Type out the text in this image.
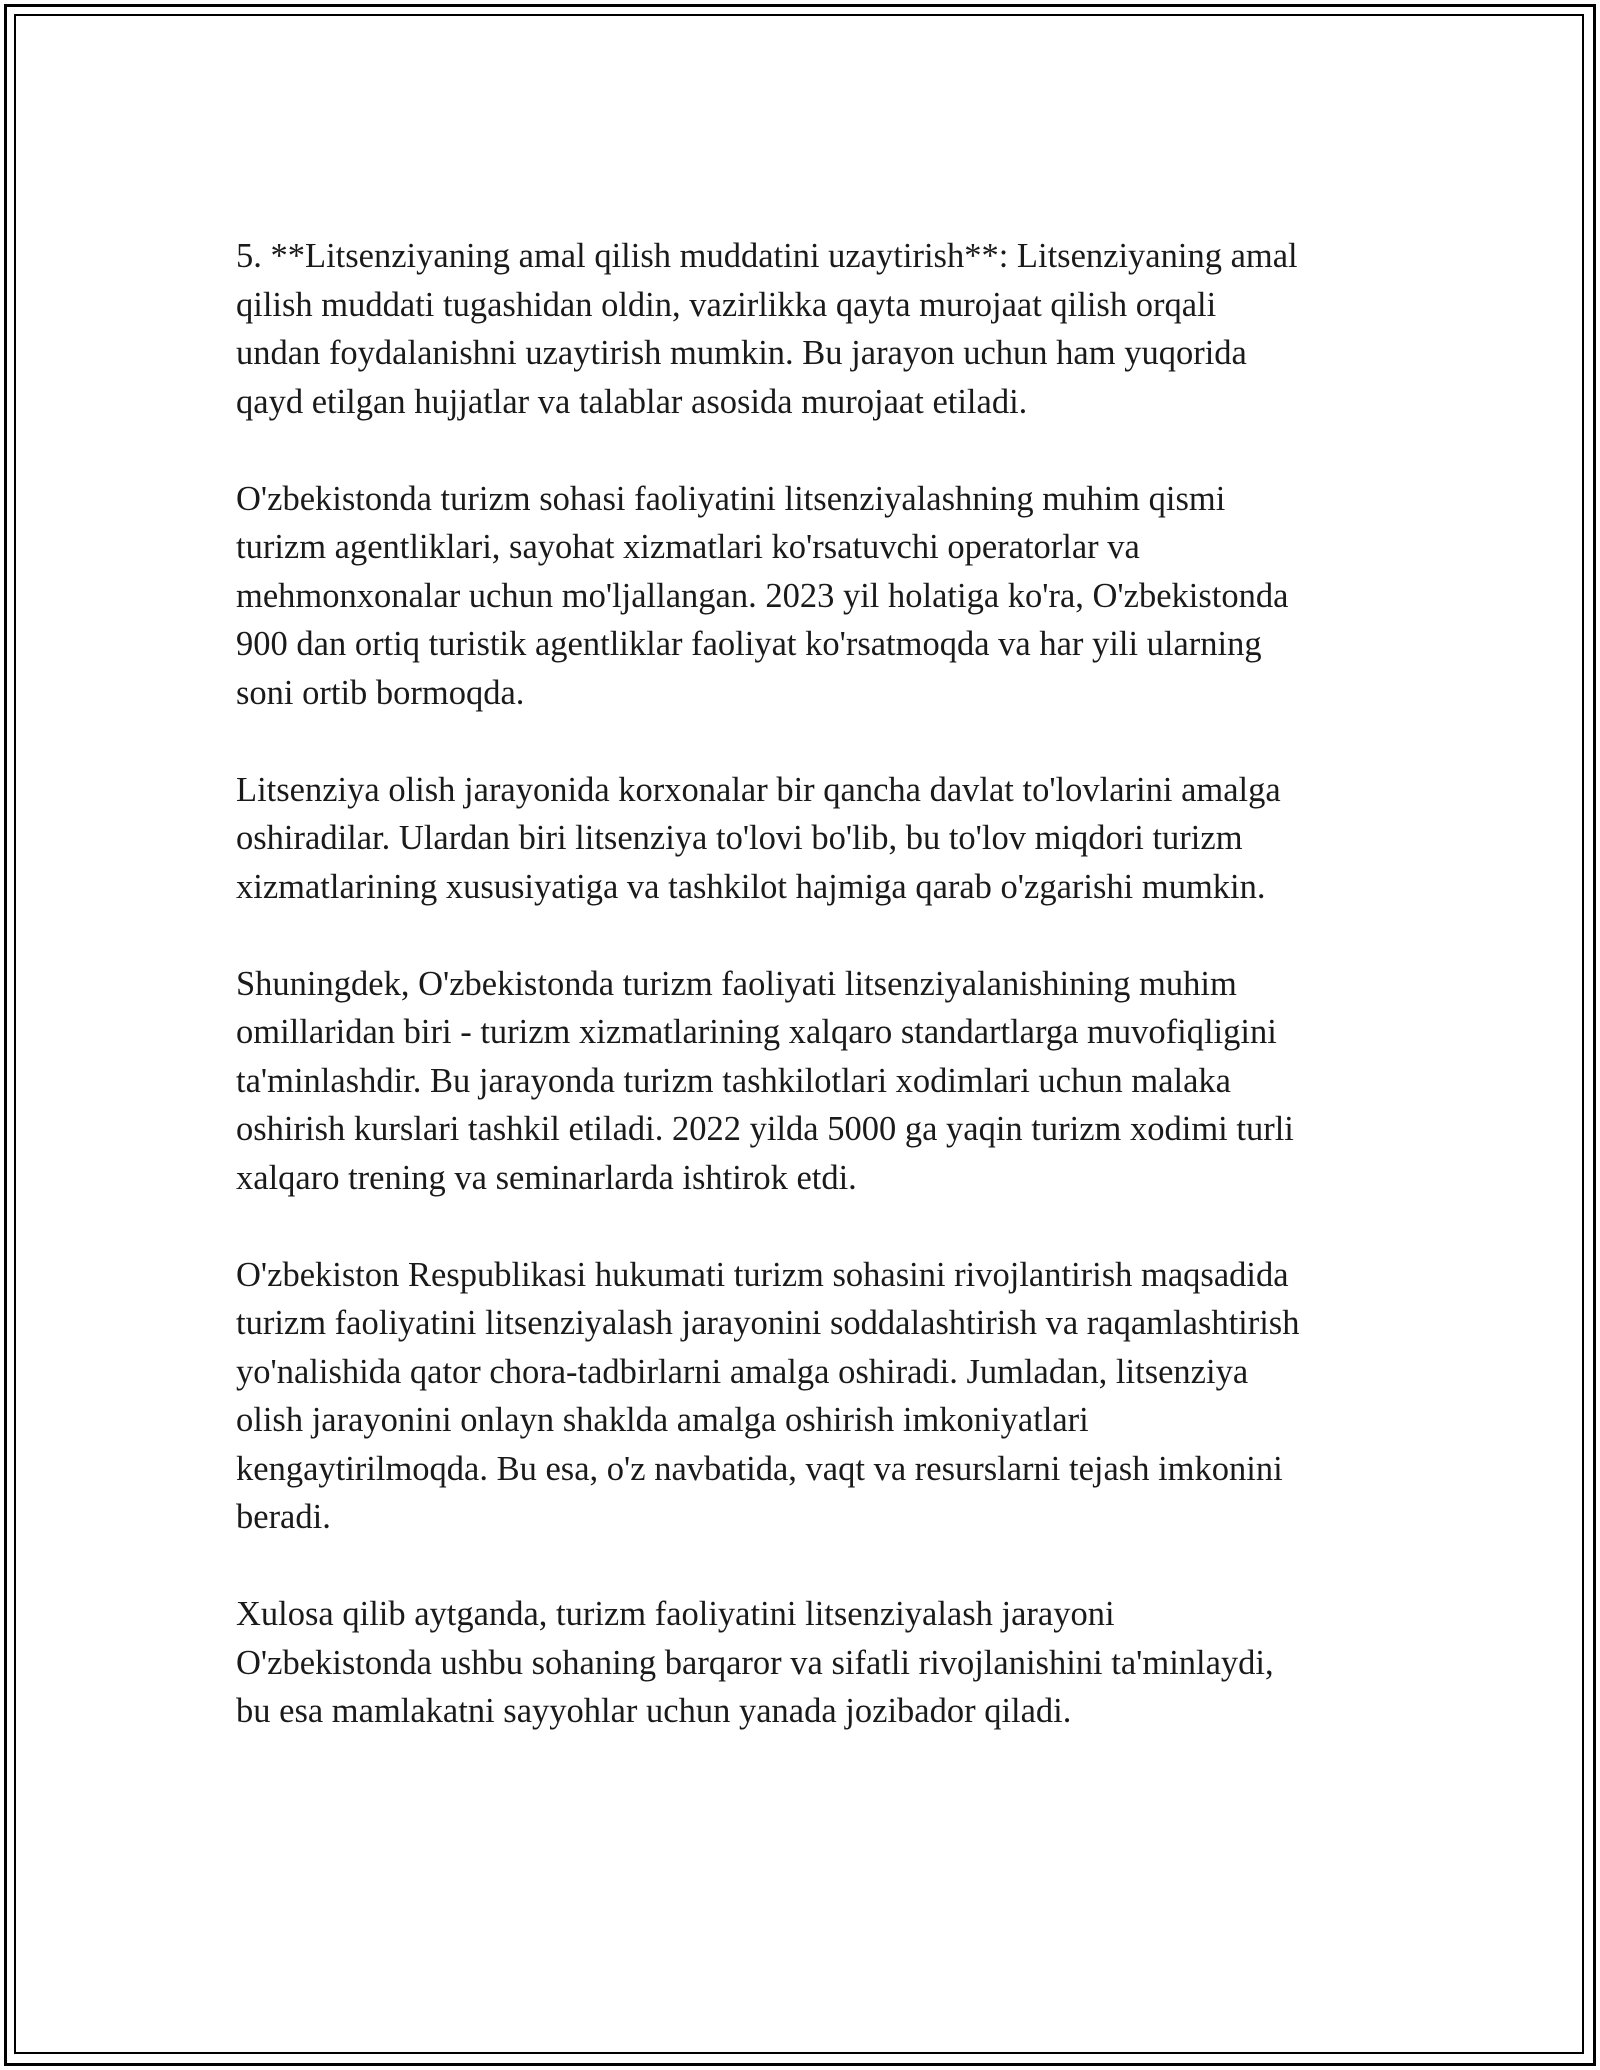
5. **Litsenziyaning amal qilish muddatini uzaytirish**: Litsenziyaning amal
qilish muddati tugashidan oldin, vazirlikka qayta murojaat qilish orqali
undan foydalanishni uzaytirish mumkin. Bu jarayon uchun ham yuqorida
qayd etilgan hujjatlar va talablar asosida murojaat etiladi.

O'zbekistonda turizm sohasi faoliyatini litsenziyalashning muhim qismi
turizm agentliklari, sayohat xizmatlari ko'rsatuvchi operatorlar va
mehmonxonalar uchun mo'ljallangan. 2023 yil holatiga ko'ra, O'zbekistonda
900 dan ortiq turistik agentliklar faoliyat ko'rsatmoqda va har yili ularning
soni ortib bormoqda.

Litsenziya olish jarayonida korxonalar bir qancha davlat to'lovlarini amalga
oshiradilar. Ulardan biri litsenziya to'lovi bo'lib, bu to'lov miqdori turizm
xizmatlarining xususiyatiga va tashkilot hajmiga qarab o'zgarishi mumkin.

Shuningdek, O'zbekistonda turizm faoliyati litsenziyalanishining muhim
omillaridan biri - turizm xizmatlarining xalqaro standartlarga muvofiqligini
ta'minlashdir. Bu jarayonda turizm tashkilotlari xodimlari uchun malaka
oshirish kurslari tashkil etiladi. 2022 yilda 5000 ga yaqin turizm xodimi turli
xalqaro trening va seminarlarda ishtirok etdi.

O'zbekiston Respublikasi hukumati turizm sohasini rivojlantirish maqsadida
turizm faoliyatini litsenziyalash jarayonini soddalashtirish va raqamlashtirish
yo'nalishida qator chora-tadbirlarni amalga oshiradi. Jumladan, litsenziya
olish jarayonini onlayn shaklda amalga oshirish imkoniyatlari
kengaytirilmoqda. Bu esa, o'z navbatida, vaqt va resurslarni tejash imkonini
beradi.

Xulosa qilib aytganda, turizm faoliyatini litsenziyalash jarayoni
O'zbekistonda ushbu sohaning barqaror va sifatli rivojlanishini ta'minlaydi,
bu esa mamlakatni sayyohlar uchun yanada jozibador qiladi.
